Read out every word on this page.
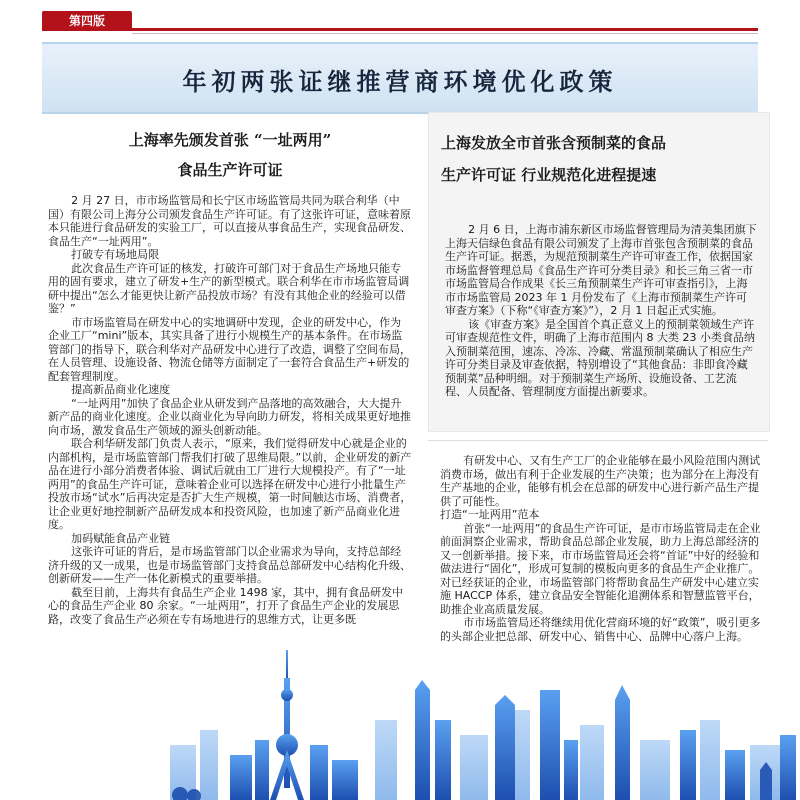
第四版
年初两张证继推营商环境优化政策
上海率先颁发首张 “一址两用”
食品生产许可证

2 月 27 日，市市场监管局和长宁区市场监管局共同为联合利华（中国）有限公司上海分公司颁发食品生产许可证。有了这张许可证，意味着原本只能进行食品研发的实验工厂，可以直接从事食品生产，实现食品研发、食品生产“一址两用”。

打破专有场地局限

此次食品生产许可证的核发，打破许可部门对于食品生产场地只能专用的固有要求，建立了研发+生产的新型模式。联合利华在市市场监管局调研中提出“怎么才能更快让新产品投放市场？有没有其他企业的经验可以借鉴？”

市市场监管局在研发中心的实地调研中发现，企业的研发中心，作为企业工厂“mini”版本，其实具备了进行小规模生产的基本条件。在市场监管部门的指导下，联合利华对产品研发中心进行了改造，调整了空间布局，在人员管理、设施设备、物流仓储等方面制定了一套符合食品生产+研发的配套管理制度。

提高新品商业化速度

“一址两用”加快了食品企业从研发到产品落地的高效融合，大大提升新产品的商业化速度。企业以商业化为导向助力研发，将相关成果更好地推向市场，激发食品生产领域的源头创新动能。

联合利华研发部门负责人表示，“原来，我们觉得研发中心就是企业的内部机构，是市场监管部门帮我们打破了思维局限。”以前，企业研发的新产品在进行小部分消费者体验、调试后就由工厂进行大规模投产。有了“一址两用”的食品生产许可证，意味着企业可以选择在研发中心进行小批量生产投放市场“试水”后再决定是否扩大生产规模，第一时间触达市场、消费者，让企业更好地控制新产品研发成本和投资风险，也加速了新产品商业化进度。

加码赋能食品产业链

这张许可证的背后，是市场监管部门以企业需求为导向，支持总部经济升级的又一成果，也是市场监管部门支持食品总部研发中心结构化升级、创新研发——生产一体化新模式的重要举措。

截至目前，上海共有食品生产企业 1498 家，其中，拥有食品研发中心的食品生产企业 80 余家。“一址两用”，打开了食品生产企业的发展思路，改变了食品生产必须在专有场地进行的思维方式，让更多既

上海发放全市首张含预制菜的食品
生产许可证 行业规范化进程提速

2 月 6 日，上海市浦东新区市场监督管理局为清美集团旗下上海天信绿色食品有限公司颁发了上海市首张包含预制菜的食品生产许可证。据悉，为规范预制菜生产许可审查工作，依据国家市场监督管理总局《食品生产许可分类目录》和长三角三省一市市场监管局合作成果《长三角预制菜生产许可审查指引》，上海市市场监管局 2023 年 1 月份发布了《上海市预制菜生产许可审查方案》（下称“《审查方案》”），2 月 1 日起正式实施。

该《审查方案》是全国首个真正意义上的预制菜领域生产许可审查规范性文件，明确了上海市范围内 8 大类 23 小类食品纳入预制菜范围，速冻、冷冻、冷藏、常温预制菜确认了相应生产许可分类目录及审查依据，特别增设了“其他食品：非即食冷藏预制菜”品种明细。对于预制菜生产场所、设施设备、工艺流程、人员配备、管理制度方面提出新要求。

有研发中心、又有生产工厂的企业能够在最小风险范围内测试消费市场，做出有利于企业发展的生产决策；也为部分在上海没有生产基地的企业，能够有机会在总部的研发中心进行新产品生产提供了可能性。

打造“一址两用”范本

首张“一址两用”的食品生产许可证，是市市场监管局走在企业前面洞察企业需求，帮助食品总部企业发展，助力上海总部经济的又一创新举措。接下来，市市场监管局还会将“首证”中好的经验和做法进行“固化”，形成可复制的模板向更多的食品生产企业推广。对已经获证的企业，市场监管部门将帮助食品生产研发中心建立实施 HACCP 体系，建立食品安全智能化追溯体系和智慧监管平台，助推企业高质量发展。

市市场监管局还将继续用优化营商环境的好“政策”，吸引更多的头部企业把总部、研发中心、销售中心、品牌中心落户上海。
